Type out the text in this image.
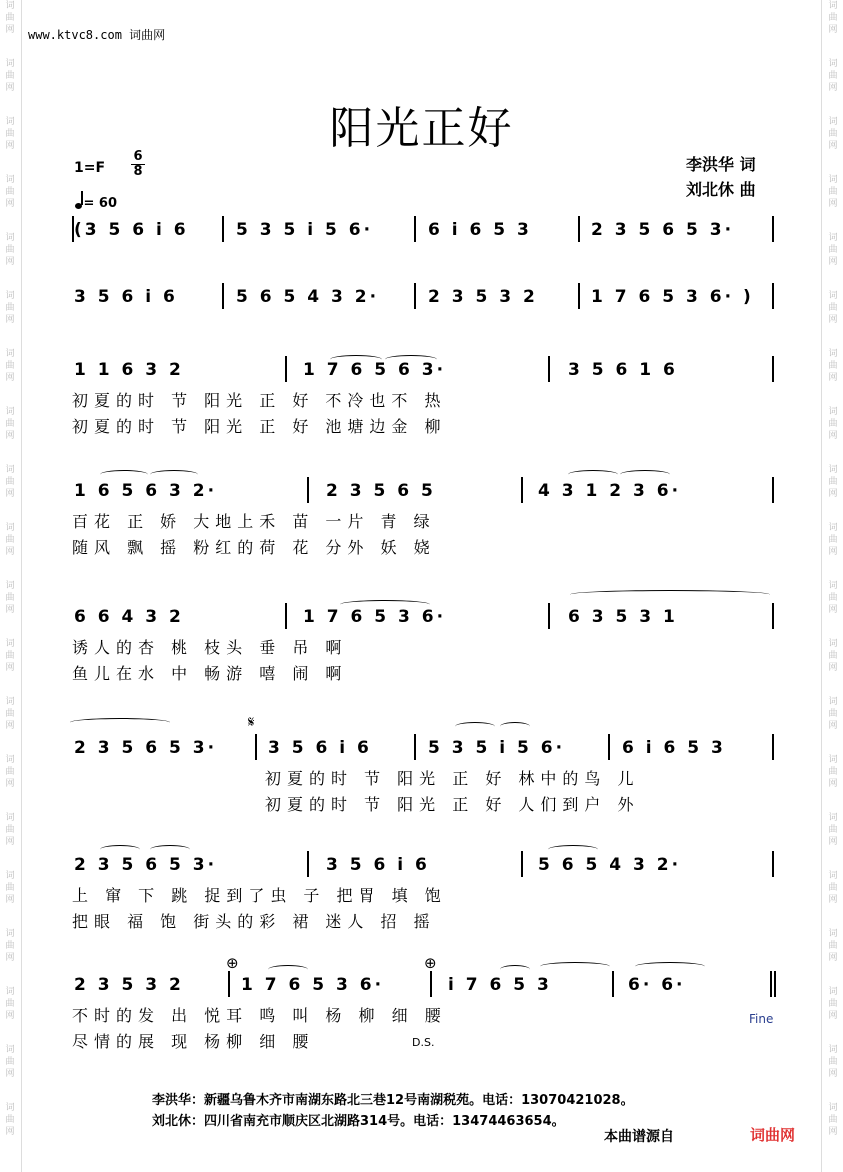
词
曲
网
词
曲
网
词
曲
网
词
曲
网
词
曲
网
词
曲
网
词
曲
网
词
曲
网
词
曲
网
词
曲
网
词
曲
网
词
曲
网
词
曲
网
词
曲
网
词
曲
网
词
曲
网
词
曲
网
词
曲
网
词
曲
网
词
曲
网
词
曲
网
词
曲
网
词
曲
网
词
曲
网
词
曲
网
词
曲
网
词
曲
网
词
曲
网
词
曲
网
词
曲
网
词
曲
网
词
曲
网
词
曲
网
词
曲
网
词
曲
网
词
曲
网
词
曲
网
词
曲
网
词
曲
网
词
曲
网
www.ktvc8.com 词曲网
阳光正好
1=F
6
8
= 60
李洪华 词
刘北休 曲
(3 5 6 i 6	5 3 5 i 5 6·	6 i 6 5 3	2 3 5 6 5 3·
3 5 6 i 6	5 6 5 4 3 2·	2 3 5 3 2	1 7 6 5 3 6· )
1 1 6 3 2	1 7 6 5 6 3·	3 5 6 1 6
初夏的时 节 阳光 正 好 不冷也不 热
初夏的时 节 阳光 正 好 池塘边金 柳
1 6 5 6 3 2·	2 3 5 6 5	4 3 1 2 3 6·
百花 正 娇 大地上禾 苗 一片 青 绿
随风 飘 摇 粉红的荷 花 分外 妖 娆
6 6 4 3 2	1 7 6 5 3 6·	6 3 5 3 1
诱人的杏 桃 枝头 垂 吊 啊
鱼儿在水 中 畅游 嘻 闹 啊
2 3 5 6 5 3·	3 5 6 i 6	5 3 5 i 5 6·	6 i 6 5 3
初夏的时 节 阳光 正 好 林中的鸟 儿
初夏的时 节 阳光 正 好 人们到户 外
2 3 5 6 5 3·	3 5 6 i 6	5 6 5 4 3 2·
上 窜 下 跳 捉到了虫 子 把胃 填 饱
把眼 福 饱 街头的彩 裙 迷人 招 摇
2 3 5 3 2	1 7 6 5 3 6·	i 7 6 5 3	6· 6·
不时的发 出 悦耳 鸣 叫 杨 柳 细 腰
尽情的展 现 杨柳 细 腰
𝄋
⊕	⊕
Fine
D.S.
李洪华：新疆乌鲁木齐市南湖东路北三巷12号南湖税苑。电话：13070421028。
刘北休：四川省南充市顺庆区北湖路314号。电话：13474463654。
本曲谱源自	词曲网
